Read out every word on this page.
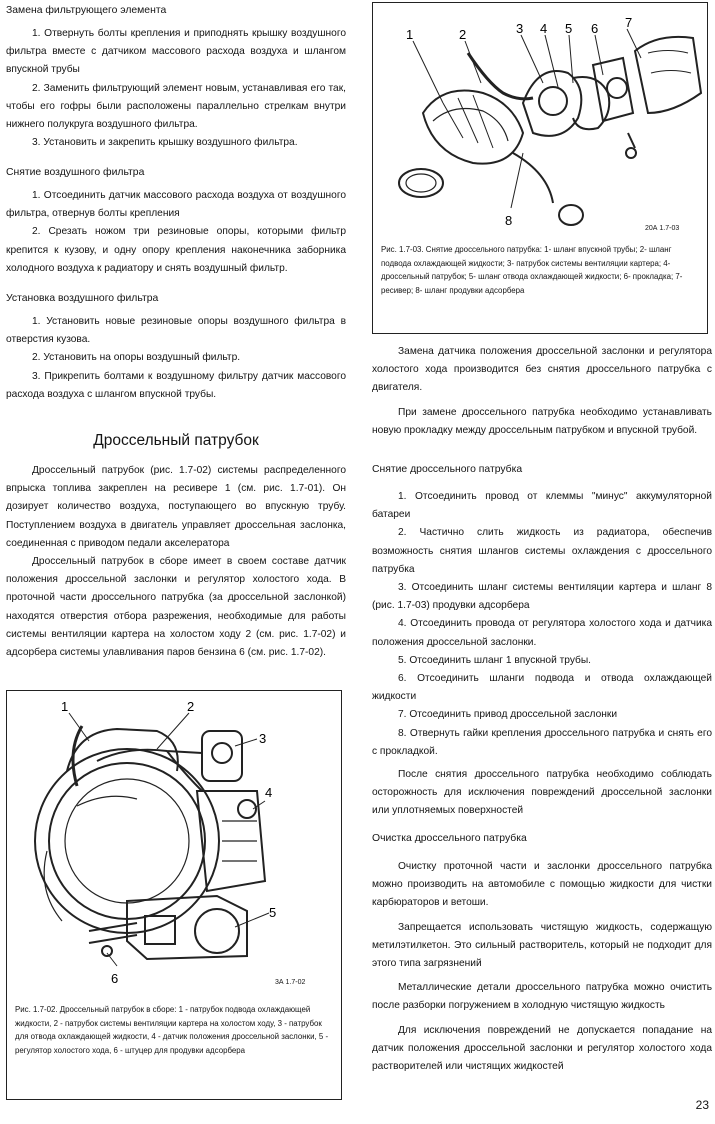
Замена фильтрующего элемента

1. Отвернуть болты крепления и приподнять крышку воздушного фильтра вместе с датчиком массового расхода воздуха и шлангом впускной трубы

2. Заменить фильтрующий элемент новым, устанавливая его так, чтобы его гофры были расположены параллельно стрелкам внутри нижнего полукруга воздушного фильтра.

3. Установить и закрепить крышку воздушного фильтра.

Снятие воздушного фильтра

1. Отсоединить датчик массового расхода воздуха от воздушного фильтра, отвернув болты крепления

2. Срезать ножом три резиновые опоры, которыми фильтр крепится к кузову, и одну опору крепления наконечника заборника холодного воздуха к радиатору и снять воздушный фильтр.

Установка воздушного фильтра

1. Установить новые резиновые опоры воздушного фильтра в отверстия кузова.

2. Установить на опоры воздушный фильтр.

3. Прикрепить болтами к воздушному фильтру датчик массового расхода воздуха с шлангом впускной трубы.

Дроссельный патрубок

Дроссельный патрубок (рис. 1.7-02) системы распределенного впрыска топлива закреплен на ресивере 1 (см. рис. 1.7-01). Он дозирует количество воздуха, поступающего во впускную трубу. Поступлением воздуха в двигатель управляет дроссельная заслонка, соединенная с приводом педали акселератора

Дроссельный патрубок в сборе имеет в своем составе датчик положения дроссельной заслонки и регулятор холостого хода. В проточной части дроссельного патрубка (за дроссельной заслонкой) находятся отверстия отбора разрежения, необходимые для работы системы вентиляции картера на холостом ходу 2 (см. рис. 1.7-02) и адсорбера системы улавливания паров бензина 6 (см. рис. 1.7-02).

1	2
3
4
5
6	3А 1.7-02
Рис. 1.7-02. Дроссельный патрубок в сборе: 1 - патрубок подвода охлаждающей жидкости, 2 - патрубок системы вентиляции картера на холостом ходу, 3 - патрубок для отвода охлаждающей жидкости, 4 - датчик положения дроссельной заслонки, 5 - регулятор холостого хода, 6 - штуцер для продувки адсорбера
1	2	3 4 5 6 7
8
20А 1.7-03
Рис. 1.7-03. Снятие дроссельного патрубка: 1- шланг впускной трубы; 2- шланг подвода охлаждающей жидкости; 3- патрубок системы вентиляции картера; 4- дроссельный патрубок; 5- шланг отвода охлаждающей жидкости; 6- прокладка; 7- ресивер; 8- шланг продувки адсорбера

Замена датчика положения дроссельной заслонки и регулятора холостого хода производится без снятия дроссельного патрубка с двигателя.

При замене дроссельного патрубка необходимо устанавливать новую прокладку между дроссельным патрубком и впускной трубой.

Снятие дроссельного патрубка

1. Отсоединить провод от клеммы "минус" аккумуляторной батареи

2. Частично слить жидкость из радиатора, обеспечив возможность снятия шлангов системы охлаждения с дроссельного патрубка

3. Отсоединить шланг системы вентиляции картера и шланг 8 (рис. 1.7-03) продувки адсорбера

4. Отсоединить провода от регулятора холостого хода и датчика положения дроссельной заслонки.

5. Отсоединить шланг 1 впускной трубы.

6. Отсоединить шланги подвода и отвода охлаждающей жидкости

7. Отсоединить привод дроссельной заслонки

8. Отвернуть гайки крепления дроссельного патрубка и снять его с прокладкой.

После снятия дроссельного патрубка необходимо соблюдать осторожность для исключения повреждений дроссельной заслонки или уплотняемых поверхностей

Очистка дроссельного патрубка

Очистку проточной части и заслонки дроссельного патрубка можно производить на автомобиле с помощью жидкости для чистки карбюраторов и ветоши.

Запрещается использовать чистящую жидкость, содержащую метилэтилкетон. Это сильный растворитель, который не подходит для этого типа загрязнений

Металлические детали дроссельного патрубка можно очистить после разборки погружением в холодную чистящую жидкость

Для исключения повреждений не допускается попадание на датчик положения дроссельной заслонки и регулятор холостого хода растворителей или чистящих жидкостей

23
